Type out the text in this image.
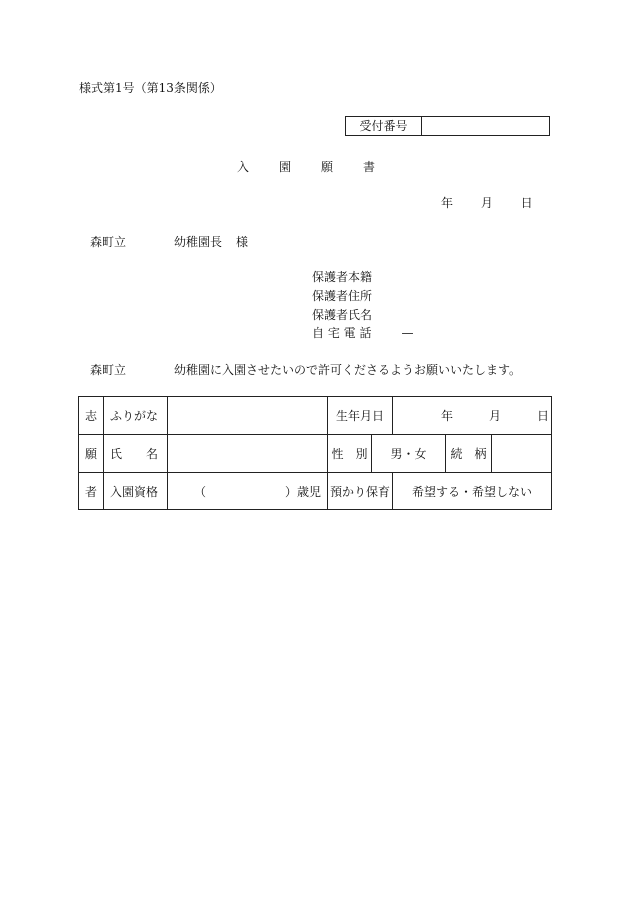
様式第1号（第13条関係）
受付番号
入 園 願 書
年 月 日
森町立	幼稚園長 様
保護者本籍
保護者住所
保護者氏名
自 宅 電 話	—
森町立	幼稚園に入園させたいので許可くださるようお願いいたします。
志	ふりがな		生年月日		年 月 日		

願	氏　　名		性　別	男・女		続　柄	
者	入園資格	（ ）歳児	預かり保育		希望する・希望しない		
